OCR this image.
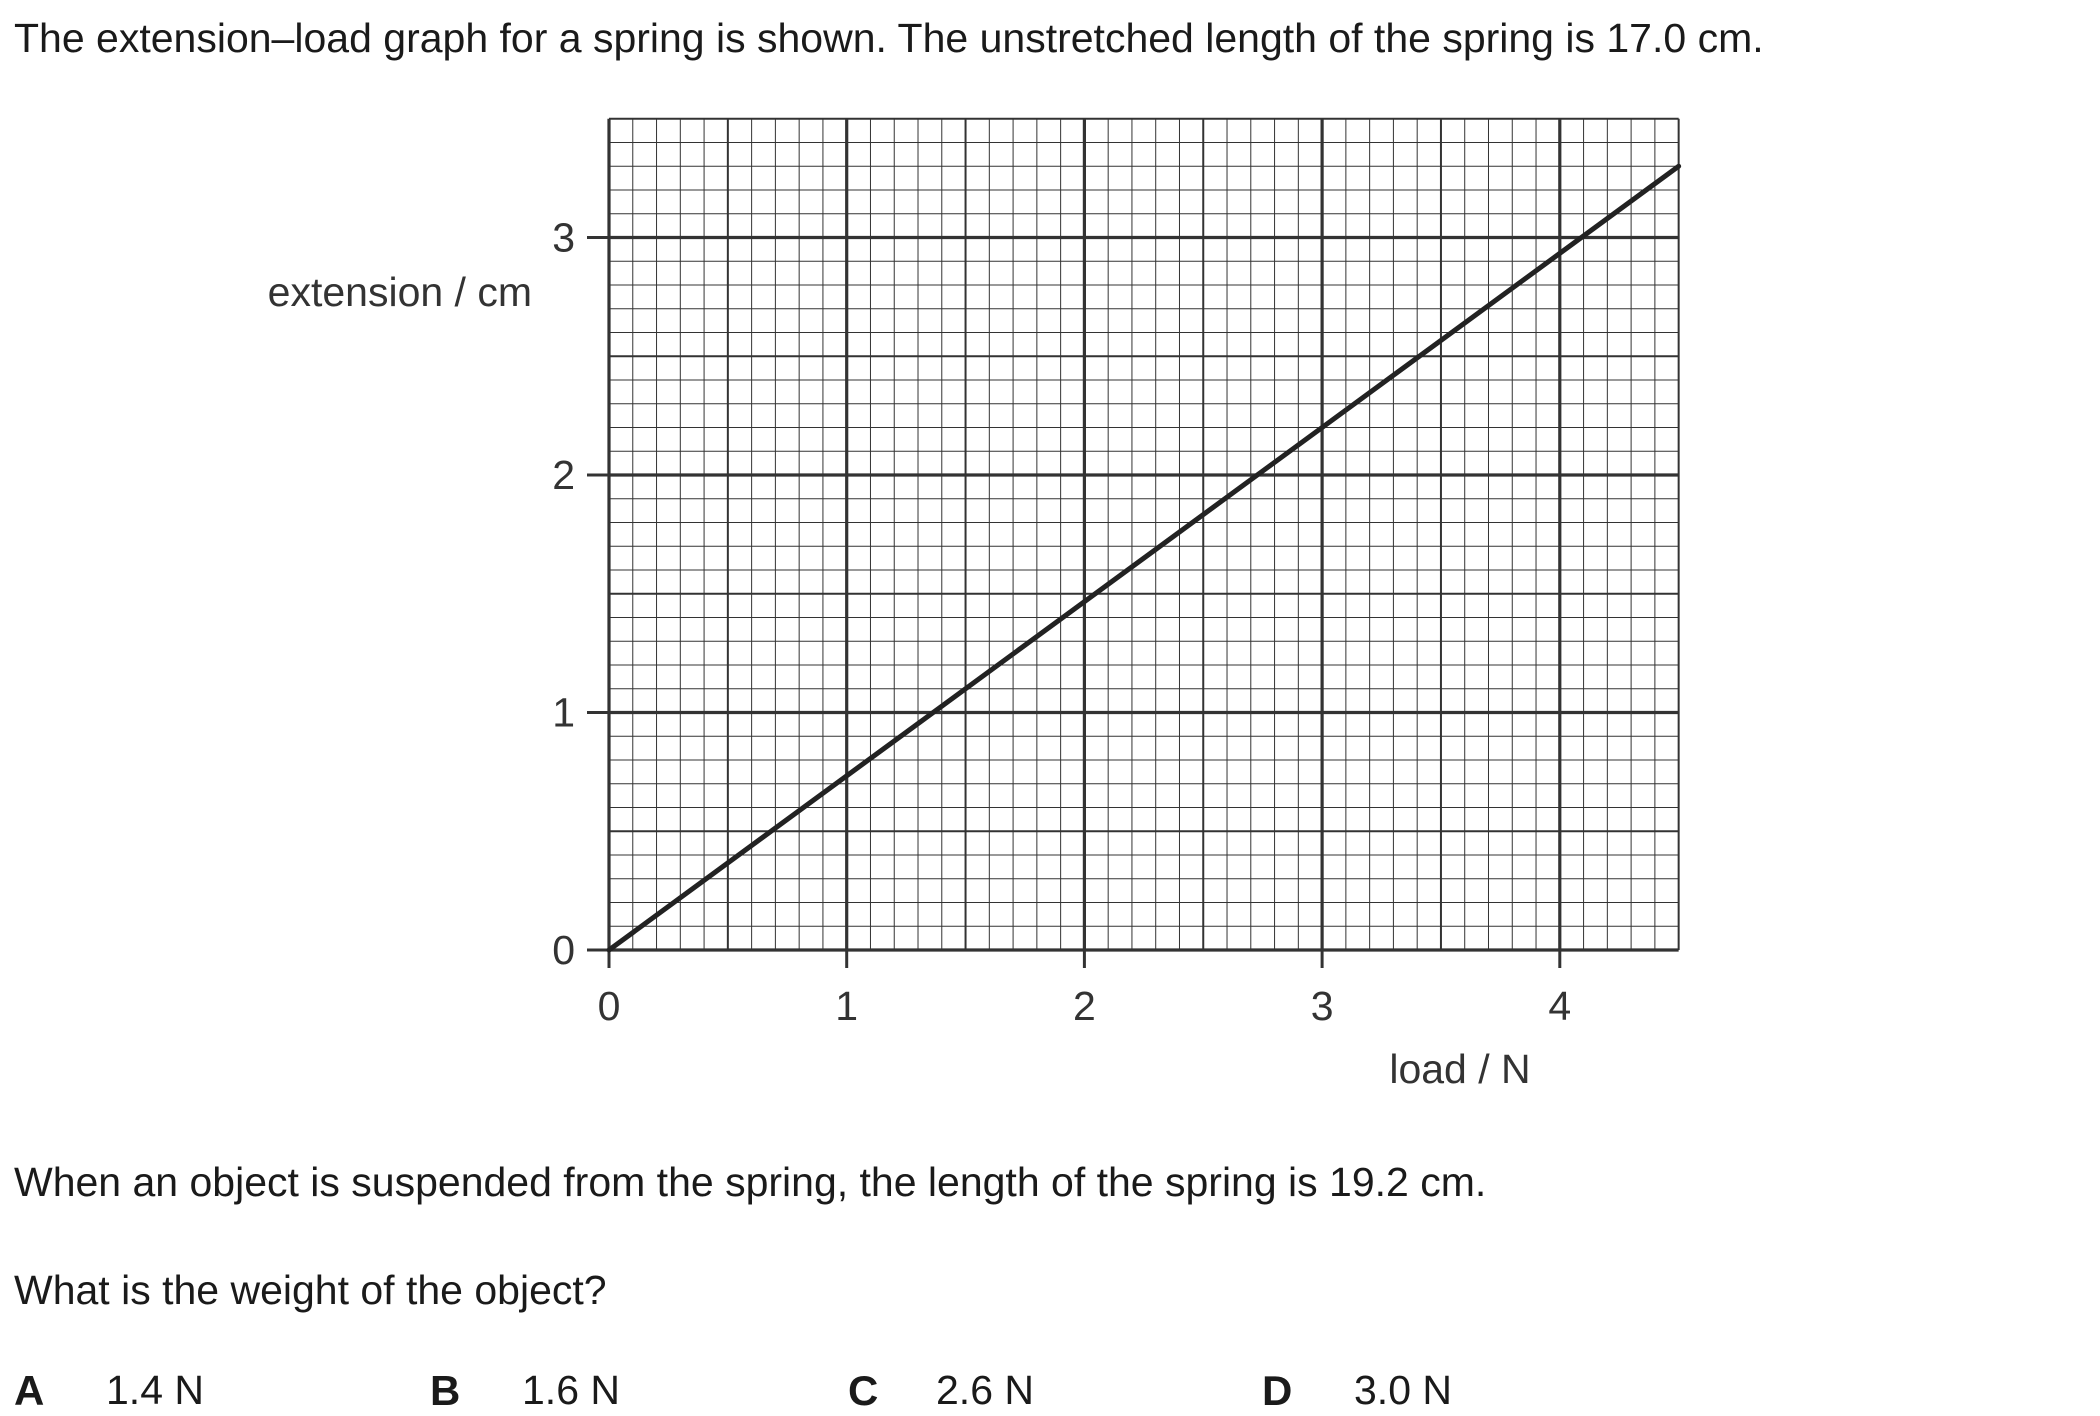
The extension–load graph for a spring is shown. The unstretched length of the spring is 17.0 cm.
0	1	2	3	4
0
1
2
3
extension / cm
load / N
When an object is suspended from the spring, the length of the spring is 19.2 cm.
What is the weight of the object?
A 1.4 N	B 1.6 N	C 2.6 N	D 3.0 N
